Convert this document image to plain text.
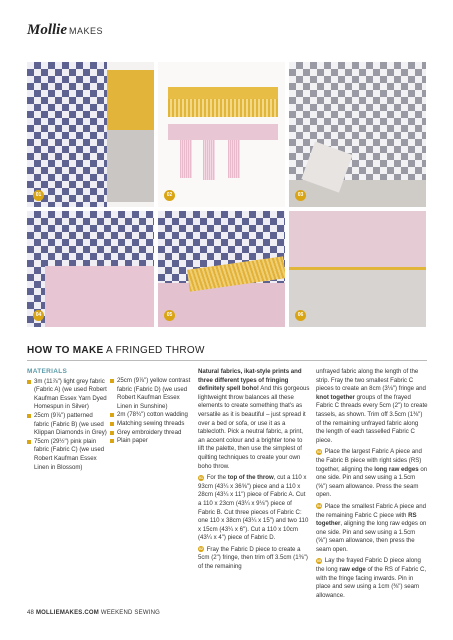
Mollie MAKES
01	02	03
04	05	06
HOW TO MAKE A FRINGED THROW
MATERIALS
3m (11⅞") light grey fabric (Fabric A) (we used Robert Kaufman Essex Yarn Dyed Homespun in Silver)
25cm (9⅞") patterned fabric (Fabric B) (we used Klippan Diamonds in Grey)
75cm (29½") pink plain fabric (Fabric C) (we used Robert Kaufman Essex Linen in Blossom)
25cm (9⅞") yellow contrast fabric (Fabric D) (we used Robert Kaufman Essex Linen in Sunshine)
2m (78¾") cotton wadding
Matching sewing threads
Grey embroidery thread
Plain paper

Natural fabrics, ikat-style prints and three different types of fringing definitely spell boho! And this gorgeous lightweight throw balances all these elements to create something that's as versatile as it is beautiful – just spread it over a bed or sofa, or use it as a tablecloth. Pick a neutral fabric, a print, an accent colour and a brighter tone to lift the palette, then use the simplest of quilting techniques to create your own boho throw.

01 For the top of the throw, cut a 110 x 93cm (43¼ x 36⅝") piece and a 110 x 28cm (43¼ x 11") piece of Fabric A. Cut a 110 x 23cm (43¼ x 9⅛") piece of Fabric B. Cut three pieces of Fabric C: one 110 x 38cm (43¼ x 15") and two 110 x 15cm (43¼ x 6"). Cut a 110 x 10cm (43¼ x 4") piece of Fabric D.

02 Fray the Fabric D piece to create a 5cm (2") fringe, then trim off 3.5cm (1⅜") of the remaining

unfrayed fabric along the length of the strip. Fray the two smallest Fabric C pieces to create an 8cm (3⅛") fringe and knot together groups of the frayed Fabric C threads every 5cm (2") to create tassels, as shown. Trim off 3.5cm (1⅜") of the remaining unfrayed fabric along the length of each tasselled Fabric C piece.

03 Place the largest Fabric A piece and the Fabric B piece with right sides (RS) together, aligning the long raw edges on one side. Pin and sew using a 1.5cm (⅝") seam allowance. Press the seam open.

04 Place the smallest Fabric A piece and the remaining Fabric C piece with RS together, aligning the long raw edges on one side. Pin and sew using a 1.5cm (⅝") seam allowance, then press the seam open.

05 Lay the frayed Fabric D piece along the long raw edge of the RS of Fabric C, with the fringe facing inwards. Pin in place and sew using a 1cm (⅜") seam allowance.

48 MOLLIEMAKES.COM WEEKEND SEWING
